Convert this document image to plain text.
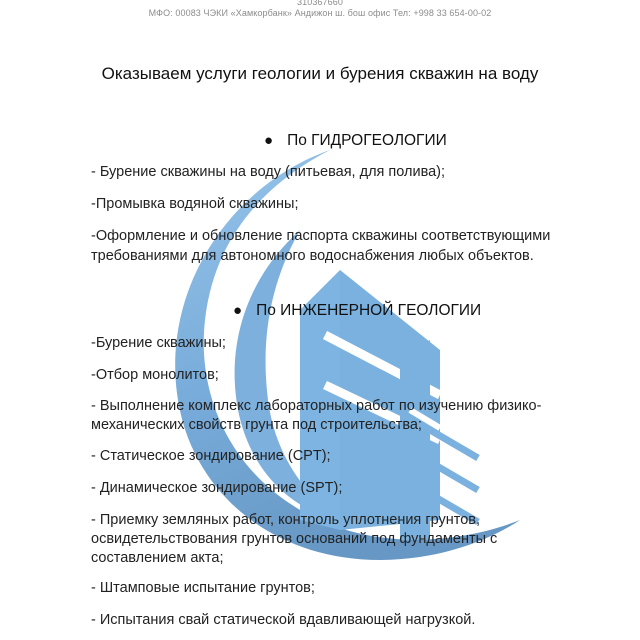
310367660
МФО: 00083 ЧЭКИ «Хамкорбанк» Андижон ш. бош офис Тел: +998 33 654-00-02
Оказываем услуги геологии и бурения скважин на воду
● По ГИДРОГЕОЛОГИИ
- Бурение скважины на воду (питьевая, для полива);
-Промывка водяной скважины;
-Оформление и обновление паспорта скважины соответствующими
требованиями для автономного водоснабжения любых объектов.
● По ИНЖЕНЕРНОЙ ГЕОЛОГИИ
-Бурение скважины;
-Отбор монолитов;
- Выполнение комплекс лабораторных работ по изучению физико-
механических свойств грунта под строительства;
- Статическое зондирование (CPT);
- Динамическое зондирование (SPT);
- Приемку земляных работ, контроль уплотнения грунтов,
освидетельствования грунтов оснований под фундаменты с
составлением акта;
- Штамповые испытание грунтов;
- Испытания свай статической вдавливающей нагрузкой.
